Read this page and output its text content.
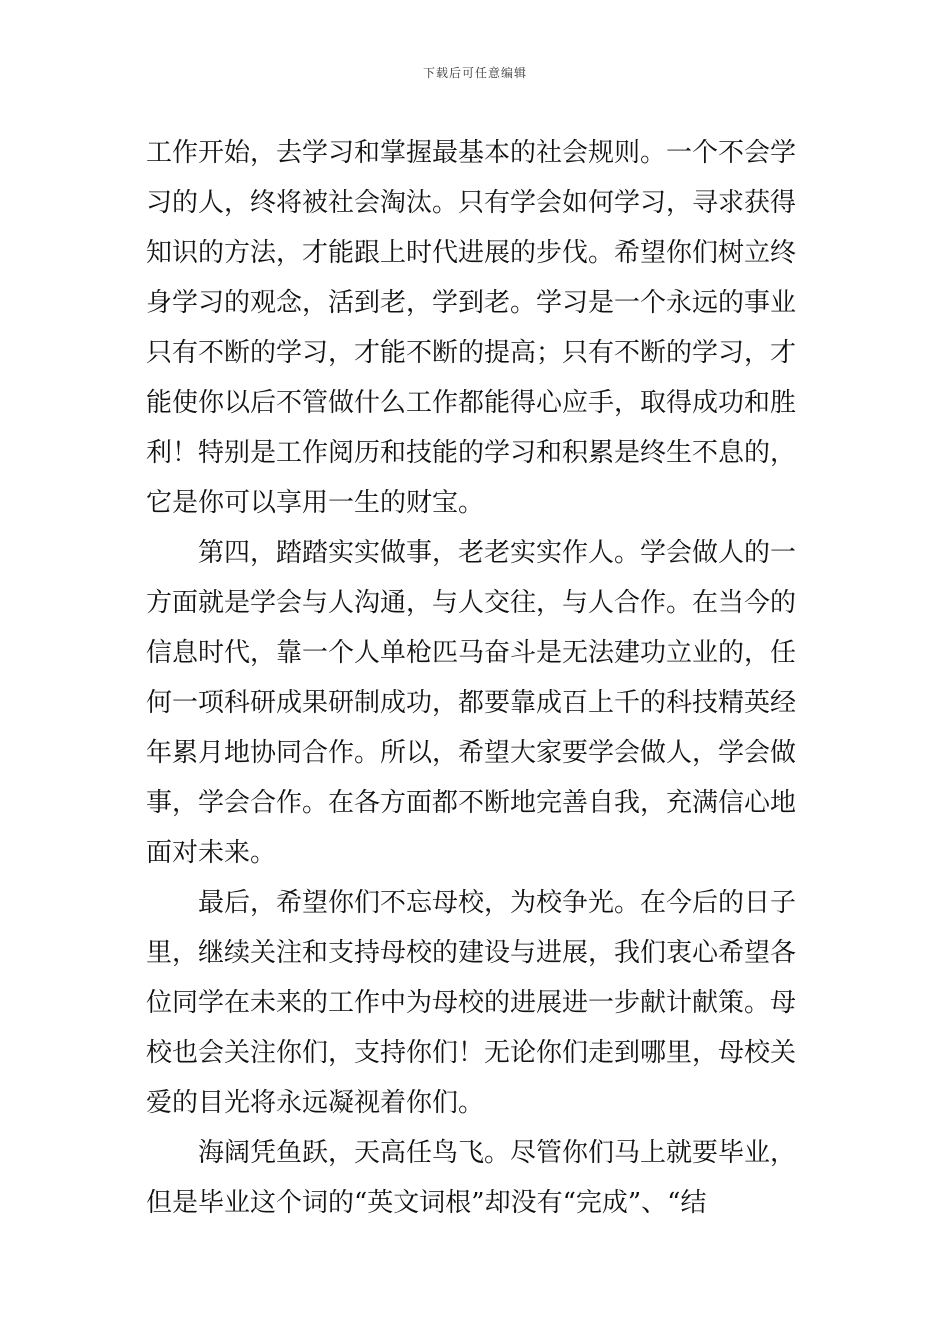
下载后可任意编辑
工作开始，去学习和掌握最基本的社会规则。一个不会学
习的人，终将被社会淘汰。只有学会如何学习，寻求获得
知识的方法，才能跟上时代进展的步伐。希望你们树立终
身学习的观念，活到老，学到老。学习是一个永远的事业
只有不断的学习，才能不断的提高；只有不断的学习，才
能使你以后不管做什么工作都能得心应手，取得成功和胜
利！特别是工作阅历和技能的学习和积累是终生不息的，
它是你可以享用一生的财宝。
第四，踏踏实实做事，老老实实作人。学会做人的一
方面就是学会与人沟通，与人交往，与人合作。在当今的
信息时代，靠一个人单枪匹马奋斗是无法建功立业的，任
何一项科研成果研制成功，都要靠成百上千的科技精英经
年累月地协同合作。所以，希望大家要学会做人，学会做
事，学会合作。在各方面都不断地完善自我，充满信心地
面对未来。
最后，希望你们不忘母校，为校争光。在今后的日子
里，继续关注和支持母校的建设与进展，我们衷心希望各
位同学在未来的工作中为母校的进展进一步献计献策。母
校也会关注你们，支持你们！无论你们走到哪里，母校关
爱的目光将永远凝视着你们。
海阔凭鱼跃，天高任鸟飞。尽管你们马上就要毕业，
但是毕业这个词的“英文词根”却没有“完成”、“结
